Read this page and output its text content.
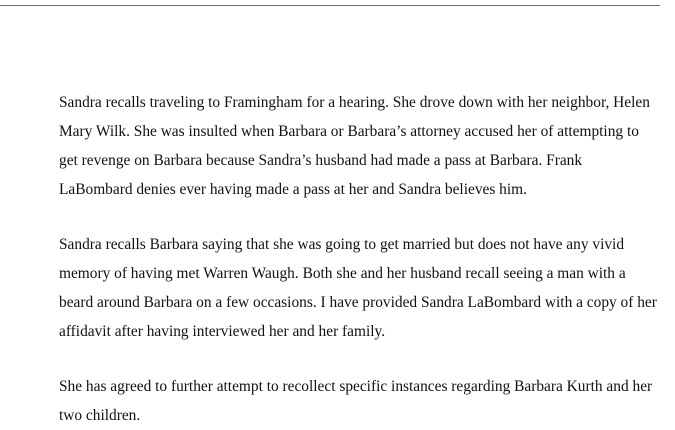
Sandra recalls traveling to Framingham for a hearing. She drove down with her neighbor, Helen
Mary Wilk. She was insulted when Barbara or Barbara’s attorney accused her of attempting to
get revenge on Barbara because Sandra’s husband had made a pass at Barbara. Frank
LaBombard denies ever having made a pass at her and Sandra believes him.

Sandra recalls Barbara saying that she was going to get married but does not have any vivid
memory of having met Warren Waugh. Both she and her husband recall seeing a man with a
beard around Barbara on a few occasions. I have provided Sandra LaBombard with a copy of her
affidavit after having interviewed her and her family.

She has agreed to further attempt to recollect specific instances regarding Barbara Kurth and her
two children.
